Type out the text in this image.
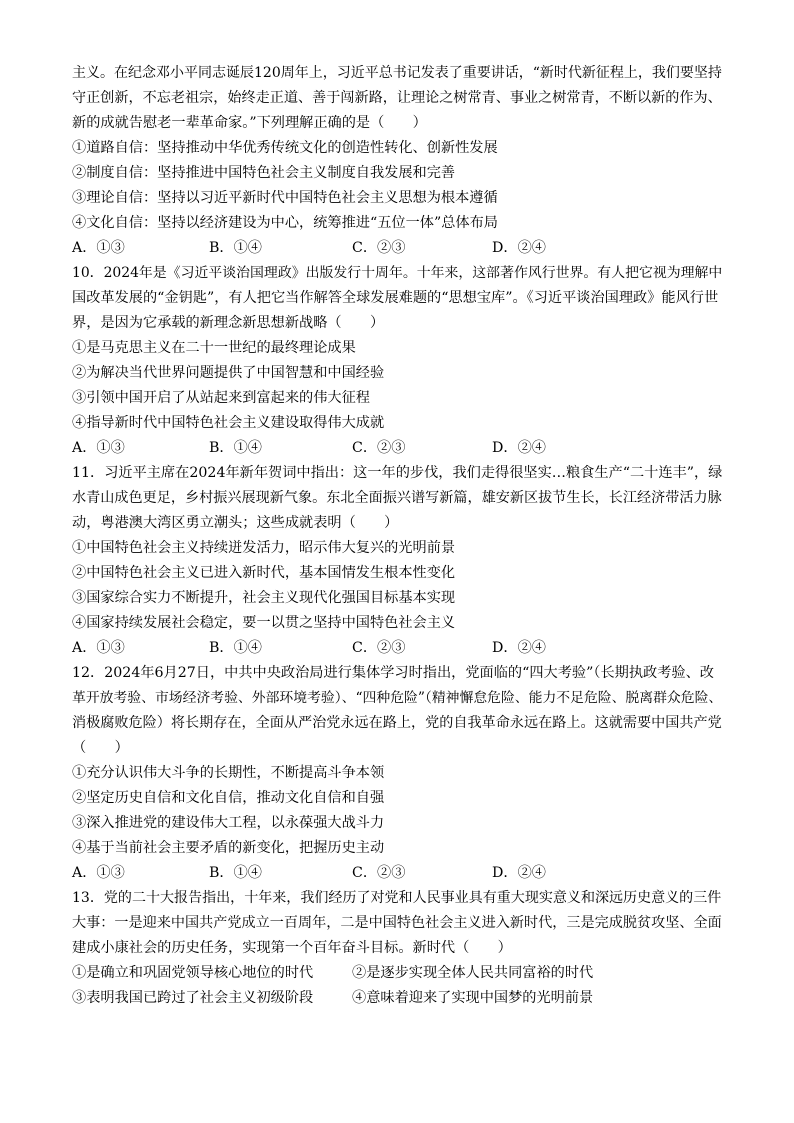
主义。在纪念邓小平同志诞辰120周年上，习近平总书记发表了重要讲话，“新时代新征程上，我们要坚持
守正创新，不忘老祖宗，始终走正道、善于闯新路，让理论之树常青、事业之树常青，不断以新的作为、
新的成就告慰老一辈革命家。”下列理解正确的是（　　）
①道路自信：坚持推动中华优秀传统文化的创造性转化、创新性发展
②制度自信：坚持推进中国特色社会主义制度自我发展和完善
③理论自信：坚持以习近平新时代中国特色社会主义思想为根本遵循
④文化自信：坚持以经济建设为中心，统筹推进“五位一体”总体布局
A．①③	B．①④	C．②③	D．②④
10．2024年是《习近平谈治国理政》出版发行十周年。十年来，这部著作风行世界。有人把它视为理解中
国改革发展的“金钥匙”，有人把它当作解答全球发展难题的“思想宝库”。《习近平谈治国理政》能风行世
界，是因为它承载的新理念新思想新战略（　　）
①是马克思主义在二十一世纪的最终理论成果
②为解决当代世界问题提供了中国智慧和中国经验
③引领中国开启了从站起来到富起来的伟大征程
④指导新时代中国特色社会主义建设取得伟大成就
A．①③	B．①④	C．②③	D．②④
11．习近平主席在2024年新年贺词中指出：这一年的步伐，我们走得很坚实…粮食生产“二十连丰”，绿
水青山成色更足，乡村振兴展现新气象。东北全面振兴谱写新篇，雄安新区拔节生长，长江经济带活力脉
动，粤港澳大湾区勇立潮头；这些成就表明（　　）
①中国特色社会主义持续迸发活力，昭示伟大复兴的光明前景
②中国特色社会主义已进入新时代，基本国情发生根本性变化
③国家综合实力不断提升，社会主义现代化强国目标基本实现
④国家持续发展社会稳定，要一以贯之坚持中国特色社会主义
A．①③	B．①④	C．②③	D．②④
12．2024年6月27日，中共中央政治局进行集体学习时指出，党面临的“四大考验”（长期执政考验、改
革开放考验、市场经济考验、外部环境考验）、“四种危险”（精神懈怠危险、能力不足危险、脱离群众危险、
消极腐败危险）将长期存在，全面从严治党永远在路上，党的自我革命永远在路上。这就需要中国共产党
（　　）
①充分认识伟大斗争的长期性，不断提高斗争本领
②坚定历史自信和文化自信，推动文化自信和自强
③深入推进党的建设伟大工程，以永葆强大战斗力
④基于当前社会主要矛盾的新变化，把握历史主动
A．①③	B．①④	C．②③	D．②④
13．党的二十大报告指出，十年来，我们经历了对党和人民事业具有重大现实意义和深远历史意义的三件
大事：一是迎来中国共产党成立一百周年，二是中国特色社会主义进入新时代，三是完成脱贫攻坚、全面
建成小康社会的历史任务，实现第一个百年奋斗目标。新时代（　　）
①是确立和巩固党领导核心地位的时代	②是逐步实现全体人民共同富裕的时代
③表明我国已跨过了社会主义初级阶段	④意味着迎来了实现中国梦的光明前景
